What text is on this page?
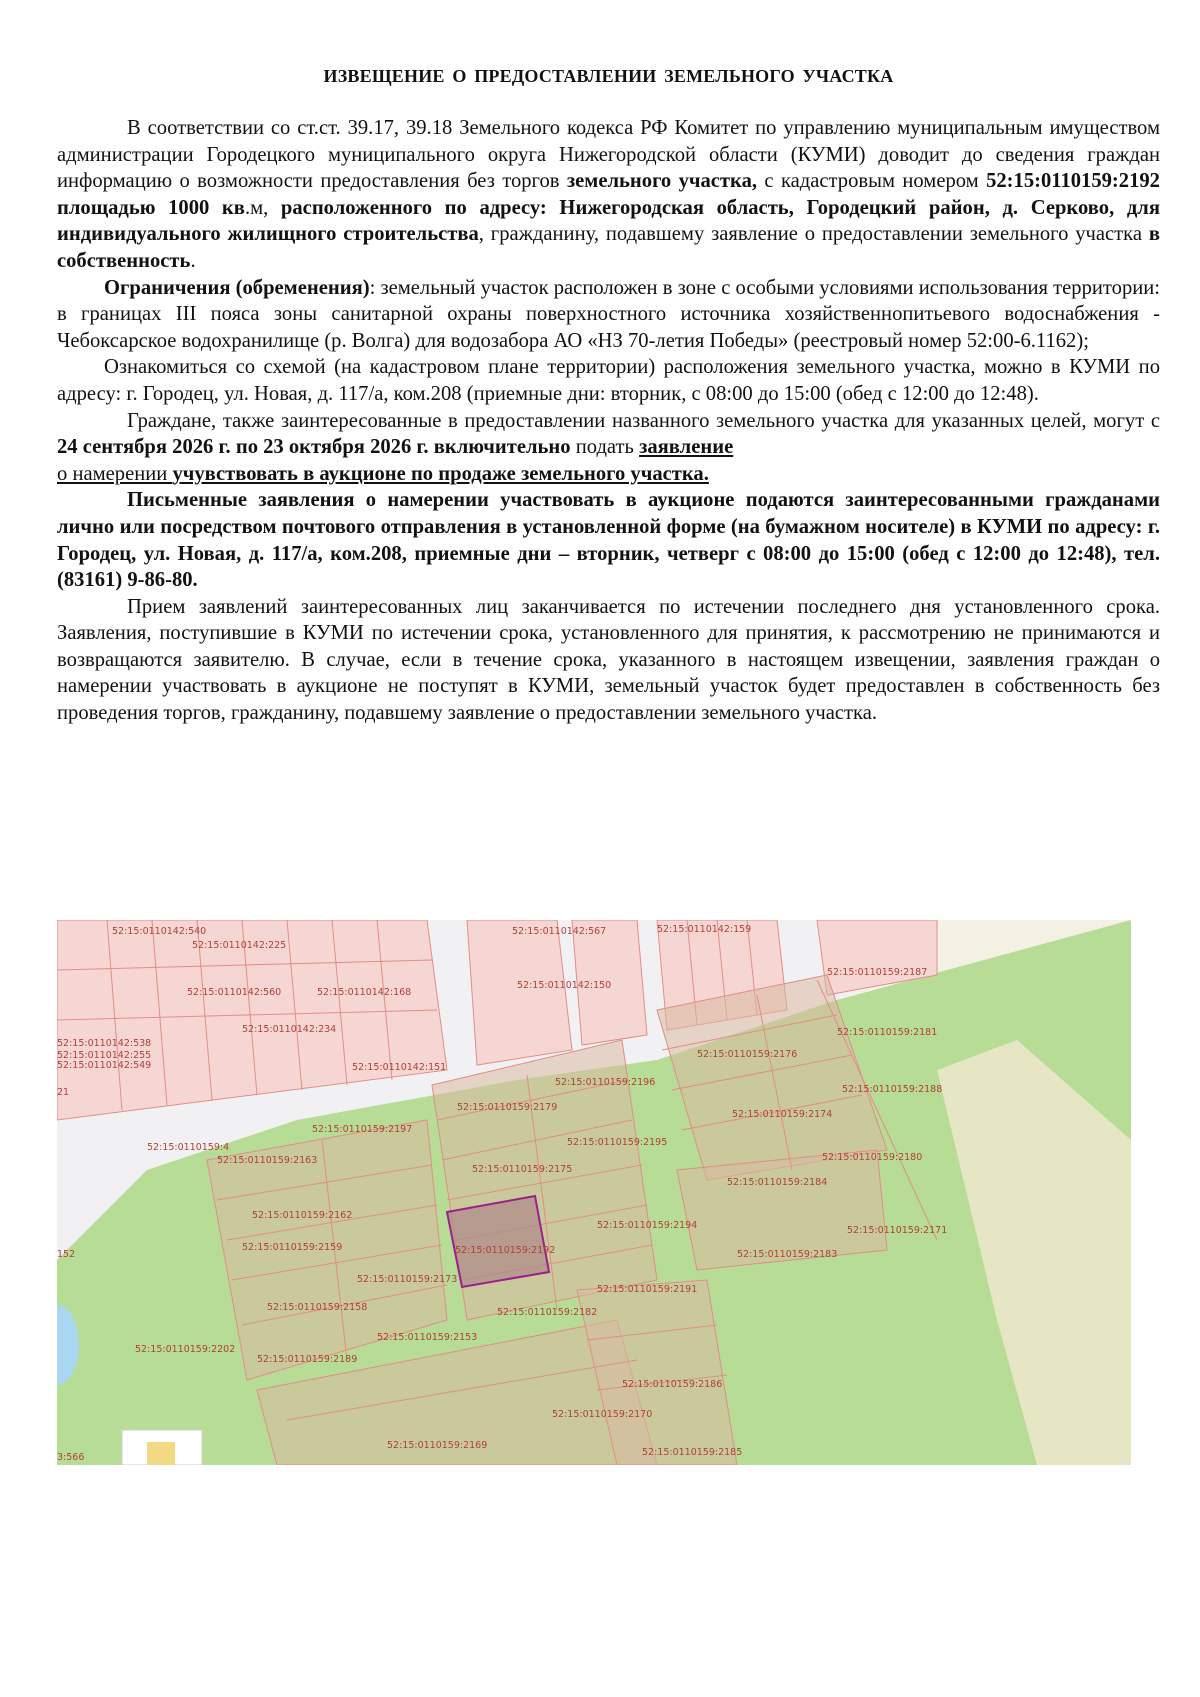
ИЗВЕЩЕНИЕ О ПРЕДОСТАВЛЕНИИ ЗЕМЕЛЬНОГО УЧАСТКА

В соответствии со ст.ст. 39.17, 39.18 Земельного кодекса РФ Комитет по управлению муниципальным имуществом администрации Городецкого муниципального округа Нижегородской области (КУМИ) доводит до сведения граждан информацию о возможности предоставления без торгов земельного участка, с кадастровым номером 52:15:0110159:2192 площадью 1000 кв.м, расположенного по адресу: Нижегородская область, Городецкий район, д. Серково, для индивидуального жилищного строительства, гражданину, подавшему заявление о предоставлении земельного участка в собственность.

Ограничения (обременения): земельный участок расположен в зоне с особыми условиями использования территории: в границах III пояса зоны санитарной охраны поверхностного источника хозяйственнопитьевого водоснабжения - Чебоксарское водохранилище (р. Волга) для водозабора АО «НЗ 70-летия Победы» (реестровый номер 52:00-6.1162);

Ознакомиться со схемой (на кадастровом плане территории) расположения земельного участка, можно в КУМИ по адресу: г. Городец, ул. Новая, д. 117/а, ком.208 (приемные дни: вторник, с 08:00 до 15:00 (обед с 12:00 до 12:48).

Граждане, также заинтересованные в предоставлении названного земельного участка для указанных целей, могут с 24 сентября 2026 г. по 23 октября 2026 г. включительно подать заявление
о намерении учувствовать в аукционе по продаже земельного участка.

Письменные заявления о намерении участвовать в аукционе подаются заинтересованными гражданами лично или посредством почтового отправления в установленной форме (на бумажном носителе) в КУМИ по адресу: г. Городец, ул. Новая, д. 117/а, ком.208, приемные дни – вторник, четверг с 08:00 до 15:00 (обед с 12:00 до 12:48), тел. (83161) 9-86-80.

Прием заявлений заинтересованных лиц заканчивается по истечении последнего дня установленного срока. Заявления, поступившие в КУМИ по истечении срока, установленного для принятия, к рассмотрению не принимаются и возвращаются заявителю. В случае, если в течение срока, указанного в настоящем извещении, заявления граждан о намерении участвовать в аукционе не поступят в КУМИ, земельный участок будет предоставлен в собственность без проведения торгов, гражданину, подавшему заявление о предоставлении земельного участка.

52:15:0110142:540	52:15:0110142:567	52:15:0110142:159
52:15:0110142:225
52:15:0110142:560	52:15:0110142:168
52:15:0110142:150
52:15:0110159:2187
52:15:0110142:234
52:15:0110142:538
52:15:0110142:255
52:15:0110142:549	52:15:0110142:151
52:15:0110159:2181
52:15:0110159:2176
52:15:0110159:2196
52:15:0110159:2179
52:15:0110159:2188
21
52:15:0110159:2174
52:15:0110159:2197
52:15:0110159:2195
52:15:0110159:4
52:15:0110159:2163
52:15:0110159:2175
52:15:0110159:2180
52:15:0110159:2184
52:15:0110159:2162
52:15:0110159:2194	52:15:0110159:2171
52:15:0110159:2159	52:15:0110159:2192	52:15:0110159:2183
152
52:15:0110159:2173
52:15:0110159:2191
52:15:0110159:2158	52:15:0110159:2182
52:15:0110159:2153
52:15:0110159:2202
52:15:0110159:2189
52:15:0110159:2186
52:15:0110159:2170
52:15:0110159:2169
52:15:0110159:2185
3:566
